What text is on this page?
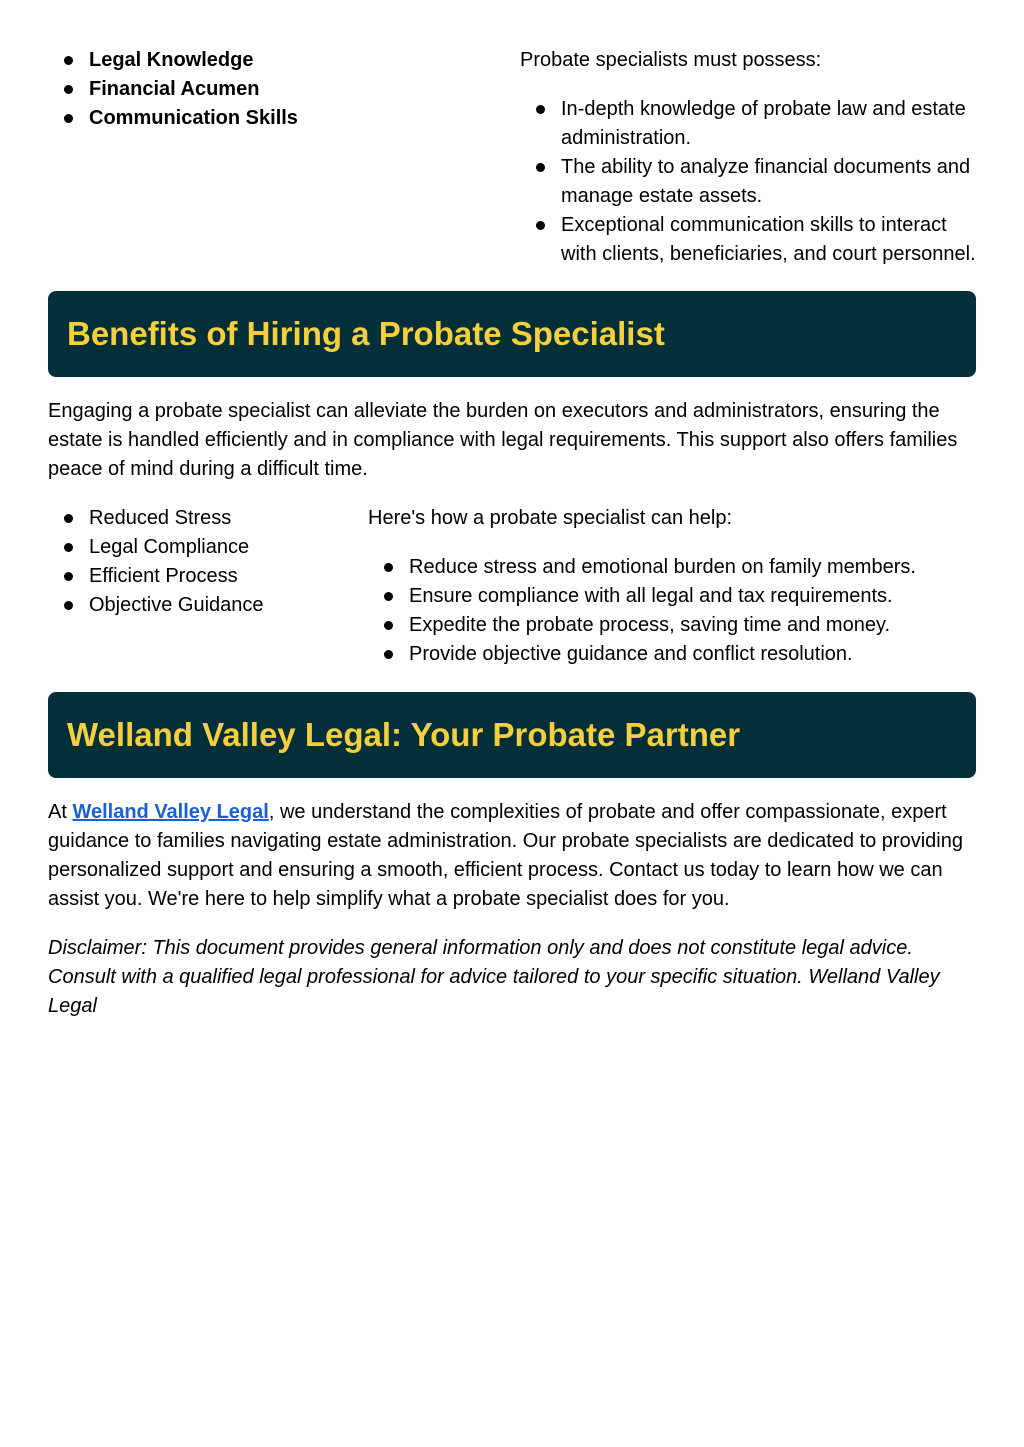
Legal Knowledge
Financial Acumen
Communication Skills

Probate specialists must possess:

In-depth knowledge of probate law and estate administration.
The ability to analyze financial documents and manage estate assets.
Exceptional communication skills to interact with clients, beneficiaries, and court personnel.
Benefits of Hiring a Probate Specialist

Engaging a probate specialist can alleviate the burden on executors and administrators, ensuring the estate is handled efficiently and in compliance with legal requirements. This support also offers families peace of mind during a difficult time.

Reduced Stress
Legal Compliance
Efficient Process
Objective Guidance

Here's how a probate specialist can help:

Reduce stress and emotional burden on family members.
Ensure compliance with all legal and tax requirements.
Expedite the probate process, saving time and money.
Provide objective guidance and conflict resolution.
Welland Valley Legal: Your Probate Partner

At Welland Valley Legal, we understand the complexities of probate and offer compassionate, expert guidance to families navigating estate administration. Our probate specialists are dedicated to providing personalized support and ensuring a smooth, efficient process. Contact us today to learn how we can assist you. We're here to help simplify what a probate specialist does for you.

Disclaimer: This document provides general information only and does not constitute legal advice. Consult with a qualified legal professional for advice tailored to your specific situation. Welland Valley Legal
